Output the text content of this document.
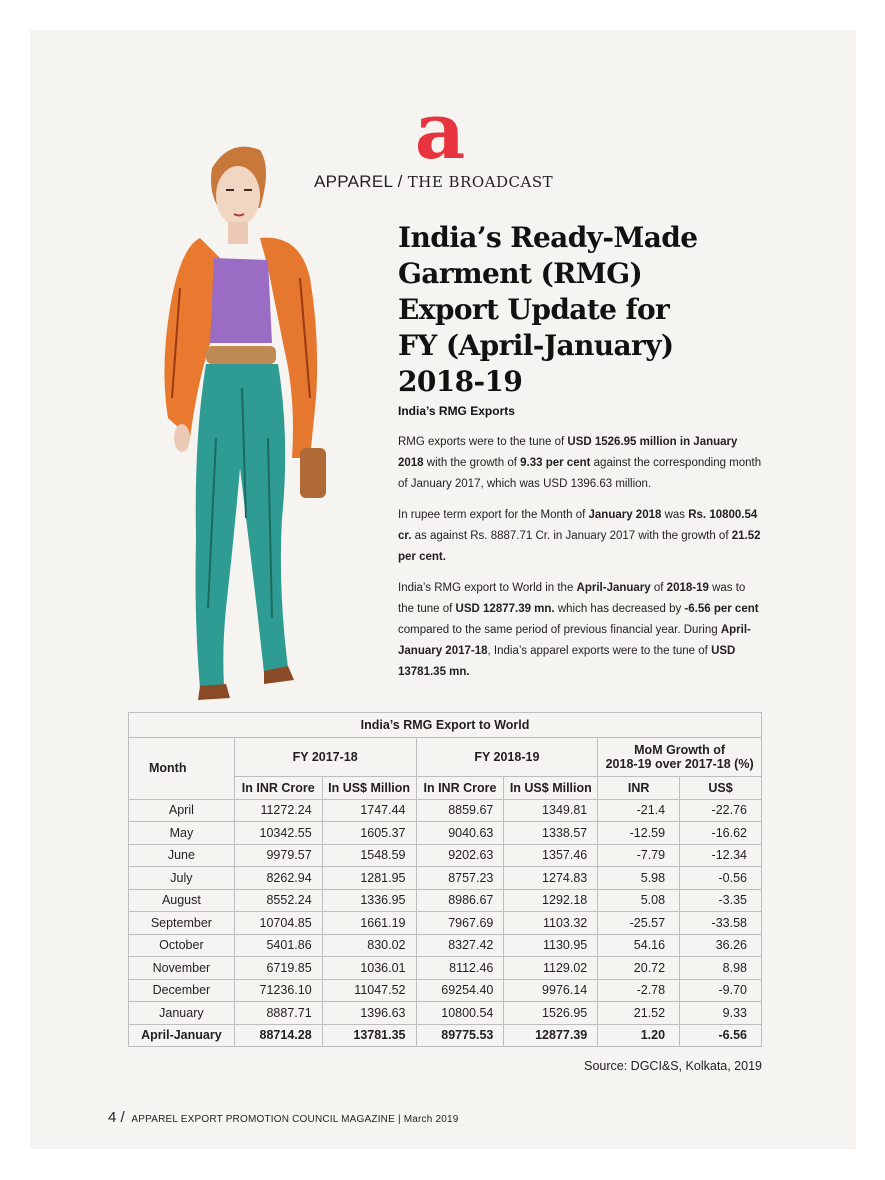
a
APPAREL / THE BROADCAST
India’s Ready-Made
Garment (RMG)
Export Update for
FY (April-January)
2018-19
India’s RMG Exports

RMG exports were to the tune of USD 1526.95 million in January 2018 with the growth of 9.33 per cent against the corresponding month of January 2017, which was USD 1396.63 million.

In rupee term export for the Month of January 2018 was Rs. 10800.54 cr. as against Rs. 8887.71 Cr. in January 2017 with the growth of 21.52 per cent.

India’s RMG export to World in the April-January of 2018-19 was to the tune of USD 12877.39 mn. which has decreased by -6.56 per cent compared to the same period of previous financial year. During April-January 2017-18, India’s apparel exports were to the tune of USD 13781.35 mn.

India’s RMG Export to World						
Month	FY 2017-18		FY 2018-19		MoM Growth of
2018-19 over 2017-18 (%)	

	In INR Crore	In US$ Million	In INR Crore	In US$ Million	INR	US$
April	11272.24	1747.44	8859.67	1349.81	-21.4	-22.76
May	10342.55	1605.37	9040.63	1338.57	-12.59	-16.62
June	9979.57	1548.59	9202.63	1357.46	-7.79	-12.34
July	8262.94	1281.95	8757.23	1274.83	5.98	-0.56
August	8552.24	1336.95	8986.67	1292.18	5.08	-3.35
September	10704.85	1661.19	7967.69	1103.32	-25.57	-33.58
October	5401.86	830.02	8327.42	1130.95	54.16	36.26
November	6719.85	1036.01	8112.46	1129.02	20.72	8.98
December	71236.10	11047.52	69254.40	9976.14	-2.78	-9.70
January	8887.71	1396.63	10800.54	1526.95	21.52	9.33
April-January	88714.28	13781.35	89775.53	12877.39	1.20	-6.56
Source: DGCI&S, Kolkata, 2019
4 / APPAREL EXPORT PROMOTION COUNCIL MAGAZINE | March 2019
